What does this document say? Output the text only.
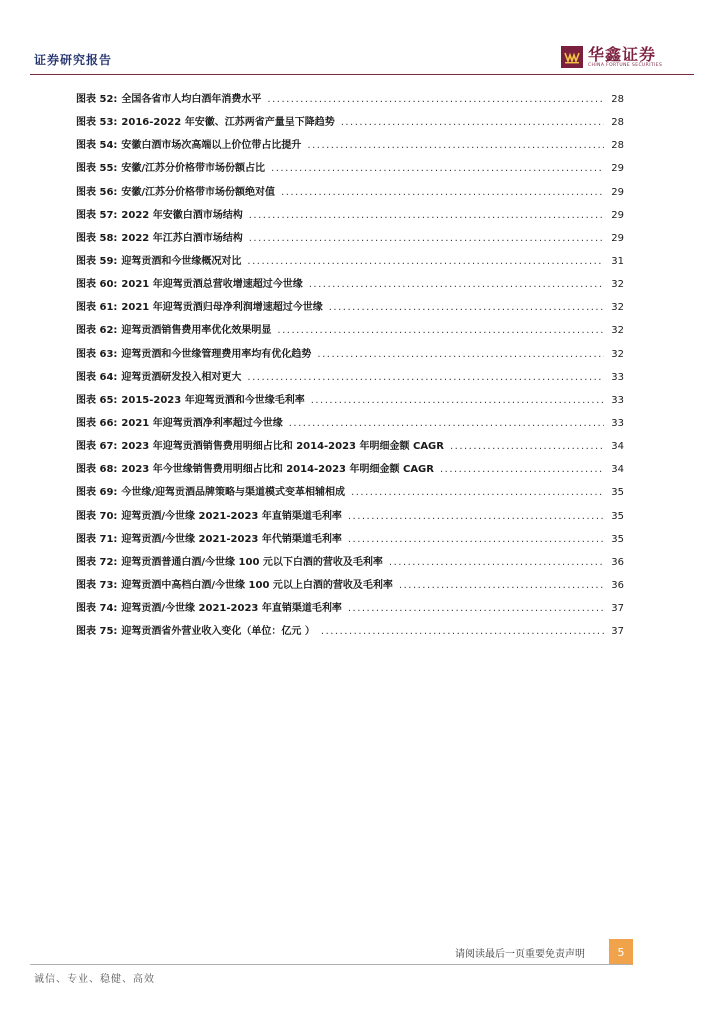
证券研究报告	华鑫证券
CHINA FORTUNE SECURITIES
图表 52: 全国各省市人均白酒年消费水平 .....	28
图表 53: 2016-2022 年安徽、江苏两省产量呈下降趋势 .....	28
图表 54: 安徽白酒市场次高端以上价位带占比提升 .....	28
图表 55: 安徽/江苏分价格带市场份额占比 .....	29
图表 56: 安徽/江苏分价格带市场份额绝对值 .....	29
图表 57: 2022 年安徽白酒市场结构 .....	29
图表 58: 2022 年江苏白酒市场结构 .....	29
图表 59: 迎驾贡酒和今世缘概况对比 .....	31
图表 60: 2021 年迎驾贡酒总营收增速超过今世缘 .....	32
图表 61: 2021 年迎驾贡酒归母净利润增速超过今世缘 .....	32
图表 62: 迎驾贡酒销售费用率优化效果明显 .....	32
图表 63: 迎驾贡酒和今世缘管理费用率均有优化趋势 .....	32
图表 64: 迎驾贡酒研发投入相对更大 .....	33
图表 65: 2015-2023 年迎驾贡酒和今世缘毛利率 .....	33
图表 66: 2021 年迎驾贡酒净利率超过今世缘 .....	33
图表 67: 2023 年迎驾贡酒销售费用明细占比和 2014-2023 年明细金额 CAGR .....	34
图表 68: 2023 年今世缘销售费用明细占比和 2014-2023 年明细金额 CAGR .....	34
图表 69: 今世缘/迎驾贡酒品牌策略与渠道模式变革相辅相成 .....	35
图表 70: 迎驾贡酒/今世缘 2021-2023 年直销渠道毛利率 .....	35
图表 71: 迎驾贡酒/今世缘 2021-2023 年代销渠道毛利率 .....	35
图表 72: 迎驾贡酒普通白酒/今世缘 100 元以下白酒的营收及毛利率 .....	36
图表 73: 迎驾贡酒中高档白酒/今世缘 100 元以上白酒的营收及毛利率 .....	36
图表 74: 迎驾贡酒/今世缘 2021-2023 年直销渠道毛利率 .....	37
图表 75: 迎驾贡酒省外营业收入变化（单位：亿元 ） .....	37
请阅读最后一页重要免责声明	5
诚信、专业、稳健、高效
